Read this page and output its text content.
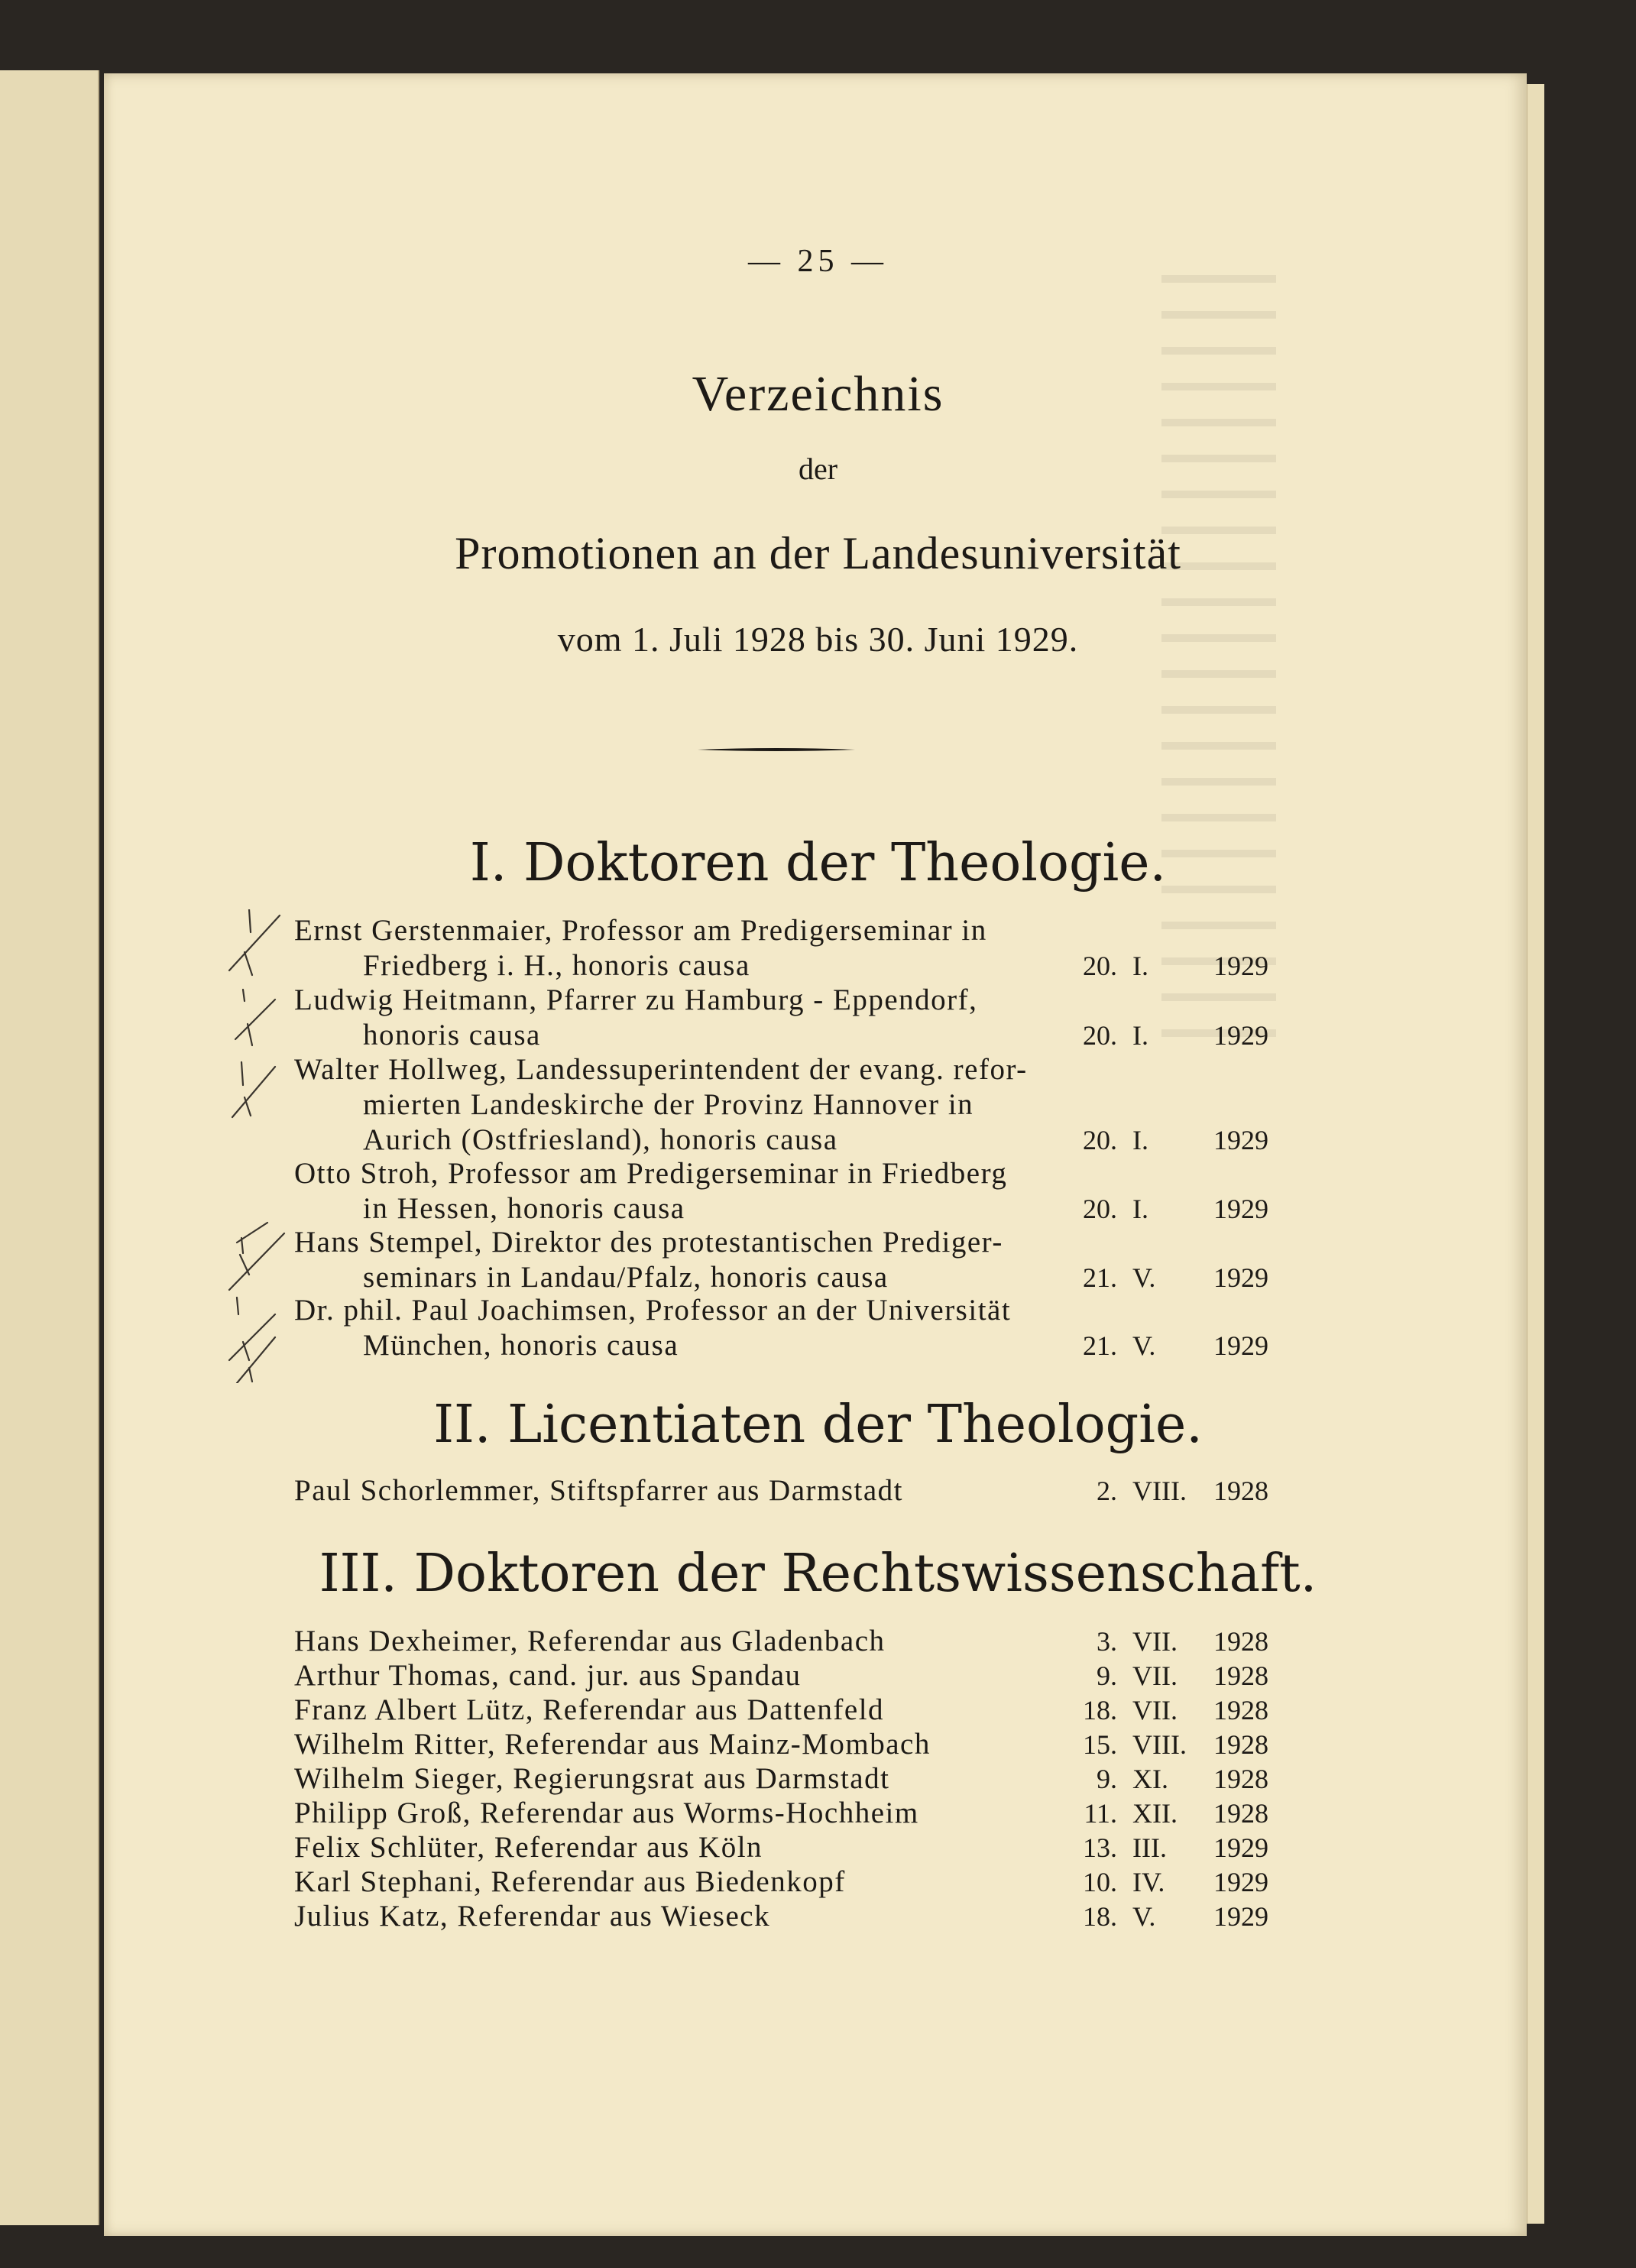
— 25 —
Verzeichnis
der
Promotionen an der Landesuniversität
vom 1. Juli 1928 bis 30. Juni 1929.
I. Doktoren der Theologie.
Ernst Gerstenmaier, Professor am Predigerseminar in
Friedberg i. H., honoris causa	20. I. 1929
Ludwig Heitmann, Pfarrer zu Hamburg - Eppendorf,
honoris causa	20. I. 1929
Walter Hollweg, Landessuperintendent der evang. refor-
mierten Landeskirche der Provinz Hannover in
Aurich (Ostfriesland), honoris causa	20. I. 1929
Otto Stroh, Professor am Predigerseminar in Friedberg
in Hessen, honoris causa	20. I. 1929
Hans Stempel, Direktor des protestantischen Prediger-
seminars in Landau/Pfalz, honoris causa	21. V. 1929
Dr. phil. Paul Joachimsen, Professor an der Universität
München, honoris causa	21. V. 1929
II. Licentiaten der Theologie.
Paul Schorlemmer, Stiftspfarrer aus Darmstadt	2. VIII. 1928
III. Doktoren der Rechtswissenschaft.
Hans Dexheimer, Referendar aus Gladenbach	3. VII. 1928
Arthur Thomas, cand. jur. aus Spandau	9. VII. 1928
Franz Albert Lütz, Referendar aus Dattenfeld	18. VII. 1928
Wilhelm Ritter, Referendar aus Mainz-Mombach	15. VIII. 1928
Wilhelm Sieger, Regierungsrat aus Darmstadt	9. XI. 1928
Philipp Groß, Referendar aus Worms-Hochheim	11. XII. 1928
Felix Schlüter, Referendar aus Köln	13. III. 1929
Karl Stephani, Referendar aus Biedenkopf	10. IV. 1929
Julius Katz, Referendar aus Wieseck	18. V. 1929
